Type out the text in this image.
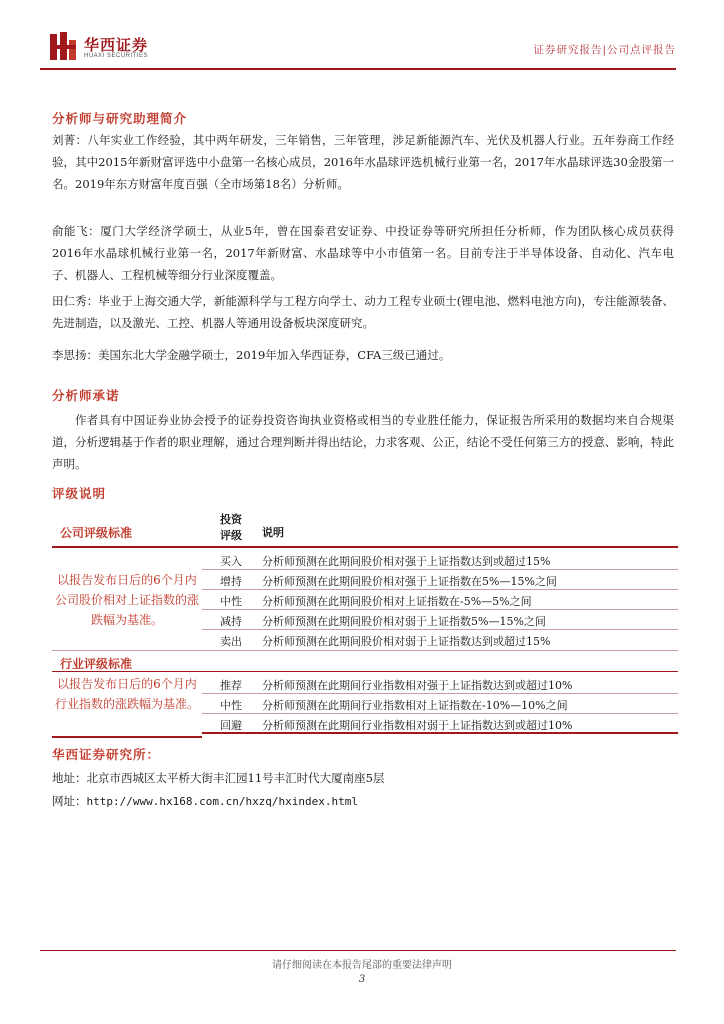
华西证券
HUAXI SECURITIES	证券研究报告|公司点评报告
分析师与研究助理简介
刘菁：八年实业工作经验，其中两年研发，三年销售，三年管理，涉足新能源汽车、光伏及机器人行业。五年券商工作经验，其中2015年新财富评选中小盘第一名核心成员，2016年水晶球评选机械行业第一名，2017年水晶球评选30金股第一名。2019年东方财富年度百强（全市场第18名）分析师。
俞能飞：厦门大学经济学硕士，从业5年，曾在国泰君安证券、中投证券等研究所担任分析师，作为团队核心成员获得2016年水晶球机械行业第一名，2017年新财富、水晶球等中小市值第一名。目前专注于半导体设备、自动化、汽车电子、机器人、工程机械等细分行业深度覆盖。
田仁秀：毕业于上海交通大学，新能源科学与工程方向学士、动力工程专业硕士(锂电池、燃料电池方向)，专注能源装备、先进制造，以及激光、工控、机器人等通用设备板块深度研究。
李思扬：美国东北大学金融学硕士，2019年加入华西证券，CFA三级已通过。
分析师承诺
作者具有中国证券业协会授予的证券投资咨询执业资格或相当的专业胜任能力，保证报告所采用的数据均来自合规渠道，分析逻辑基于作者的职业理解，通过合理判断并得出结论，力求客观、公正，结论不受任何第三方的授意、影响，特此声明。
评级说明
公司评级标准
投资
评级	说明
以报告发布日后的6个月内公司股价相对上证指数的涨跌幅为基准。
买入	分析师预测在此期间股价相对强于上证指数达到或超过15%
增持	分析师预测在此期间股价相对强于上证指数在5%—15%之间
中性	分析师预测在此期间股价相对上证指数在-5%—5%之间
减持	分析师预测在此期间股价相对弱于上证指数5%—15%之间
卖出	分析师预测在此期间股价相对弱于上证指数达到或超过15%
行业评级标准
以报告发布日后的6个月内行业指数的涨跌幅为基准。
推荐	分析师预测在此期间行业指数相对强于上证指数达到或超过10%
中性	分析师预测在此期间行业指数相对上证指数在-10%—10%之间
回避	分析师预测在此期间行业指数相对弱于上证指数达到或超过10%
华西证券研究所：
地址：北京市西城区太平桥大街丰汇园11号丰汇时代大厦南座5层
网址：http://www.hx168.com.cn/hxzq/hxindex.html
请仔细阅读在本报告尾部的重要法律声明
3
